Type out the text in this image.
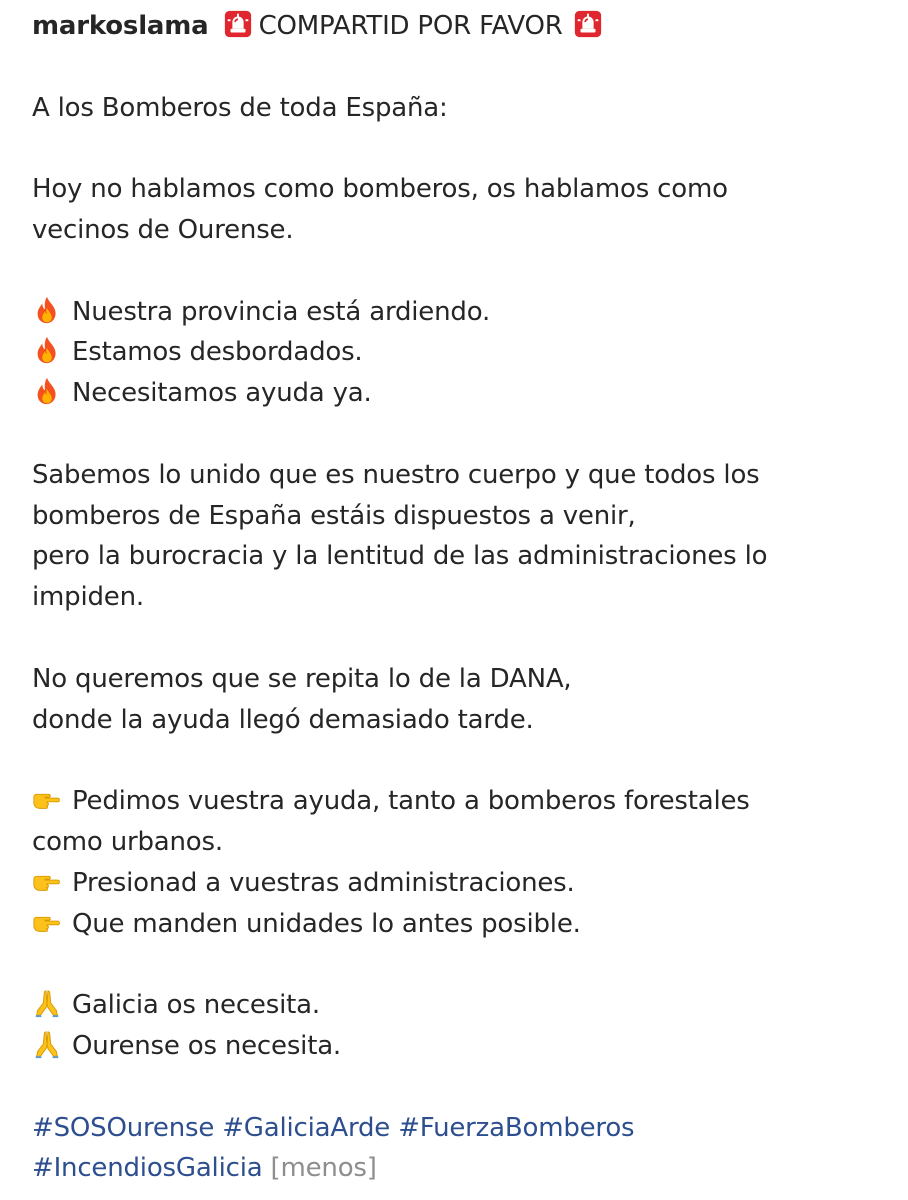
markoslama COMPARTID POR FAVOR
A los Bomberos de toda España:
Hoy no hablamos como bomberos, os hablamos como
vecinos de Ourense.
Nuestra provincia está ardiendo.
Estamos desbordados.
Necesitamos ayuda ya.
Sabemos lo unido que es nuestro cuerpo y que todos los
bomberos de España estáis dispuestos a venir,
pero la burocracia y la lentitud de las administraciones lo
impiden.
No queremos que se repita lo de la DANA,
donde la ayuda llegó demasiado tarde.
Pedimos vuestra ayuda, tanto a bomberos forestales
como urbanos.
Presionad a vuestras administraciones.
Que manden unidades lo antes posible.
Galicia os necesita.
Ourense os necesita.
#SOSOurense #GaliciaArde #FuerzaBomberos
#IncendiosGalicia [menos]
